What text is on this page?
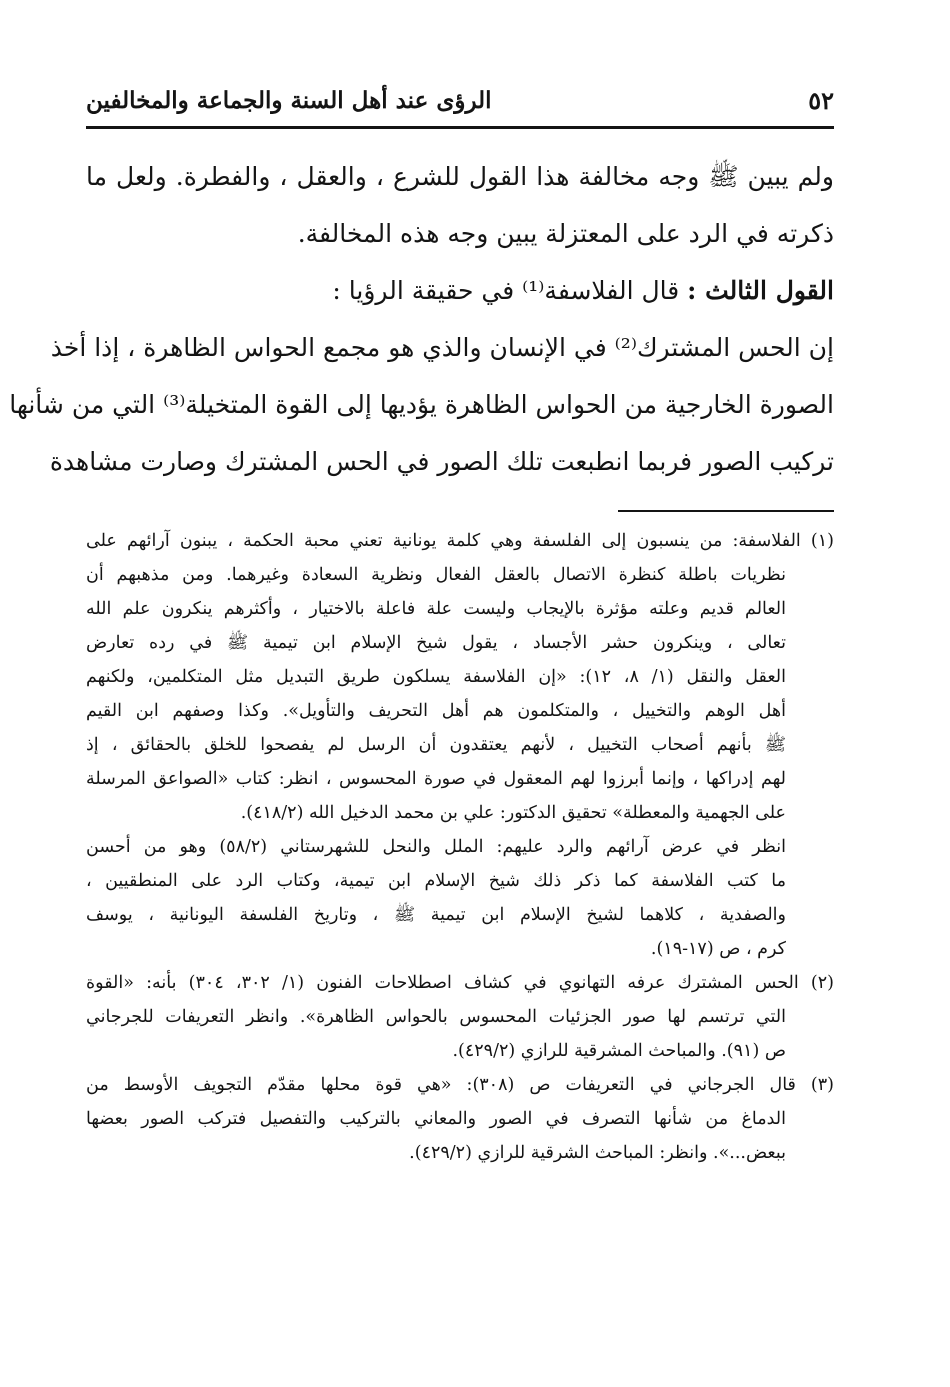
٥٢
الرؤى عند أهل السنة والجماعة والمخالفين
ولم يبين ﷺ وجه مخالفة هذا القول للشرع ، والعقل ، والفطرة. ولعل ما
ذكرته في الرد على المعتزلة يبين وجه هذه المخالفة.
القول الثالث : قال الفلاسفة⁽¹⁾ في حقيقة الرؤيا :
إن الحس المشترك⁽²⁾ في الإنسان والذي هو مجمع الحواس الظاهرة ، إذا أخذ
الصورة الخارجية من الحواس الظاهرة يؤديها إلى القوة المتخيلة⁽³⁾ التي من شأنها
تركيب الصور فربما انطبعت تلك الصور في الحس المشترك وصارت مشاهدة
(١) الفلاسفة: من ينسبون إلى الفلسفة وهي كلمة يونانية تعني محبة الحكمة ، يبنون آرائهم على
نظريات باطلة كنظرة الاتصال بالعقل الفعال ونظرية السعادة وغيرهما. ومن مذهبهم أن
العالم قديم وعلته مؤثرة بالإيجاب وليست علة فاعلة بالاختيار ، وأكثرهم ينكرون علم الله
تعالى ، وينكرون حشر الأجساد ، يقول شيخ الإسلام ابن تيمية ﷺ في رده تعارض
العقل والنقل (١/ ٨، ١٢): «إن الفلاسفة يسلكون طريق التبديل مثل المتكلمين، ولكنهم
أهل الوهم والتخييل ، والمتكلمون هم أهل التحريف والتأويل». وكذا وصفهم ابن القيم
ﷺ بأنهم أصحاب التخييل ، لأنهم يعتقدون أن الرسل لم يفصحوا للخلق بالحقائق ، إذ
لهم إدراكها ، وإنما أبرزوا لهم المعقول في صورة المحسوس ، انظر: كتاب «الصواعق المرسلة
على الجهمية والمعطلة» تحقيق الدكتور: علي بن محمد الدخيل الله (٤١٨/٢).
انظر في عرض آرائهم والرد عليهم: الملل والنحل للشهرستاني (٥٨/٢) وهو من أحسن
ما كتب الفلاسفة كما ذكر ذلك شيخ الإسلام ابن تيمية، وكتاب الرد على المنطقيين ،
والصفدية ، كلاهما لشيخ الإسلام ابن تيمية ﷺ ، وتاريخ الفلسفة اليونانية ، يوسف
كرم ، ص (١٧-١٩).
(٢) الحس المشترك عرفه التهانوي في كشاف اصطلاحات الفنون (١/ ٣٠٢، ٣٠٤) بأنه: «القوة
التي ترتسم لها صور الجزئيات المحسوس بالحواس الظاهرة». وانظر التعريفات للجرجاني
ص (٩١). والمباحث المشرقية للرازي (٤٢٩/٢).
(٣) قال الجرجاني في التعريفات ص (٣٠٨): «هي قوة محلها مقدّم التجويف الأوسط من
الدماغ من شأنها التصرف في الصور والمعاني بالتركيب والتفصيل فتركب الصور بعضها
ببعض...». وانظر: المباحث الشرقية للرازي (٤٢٩/٢).
